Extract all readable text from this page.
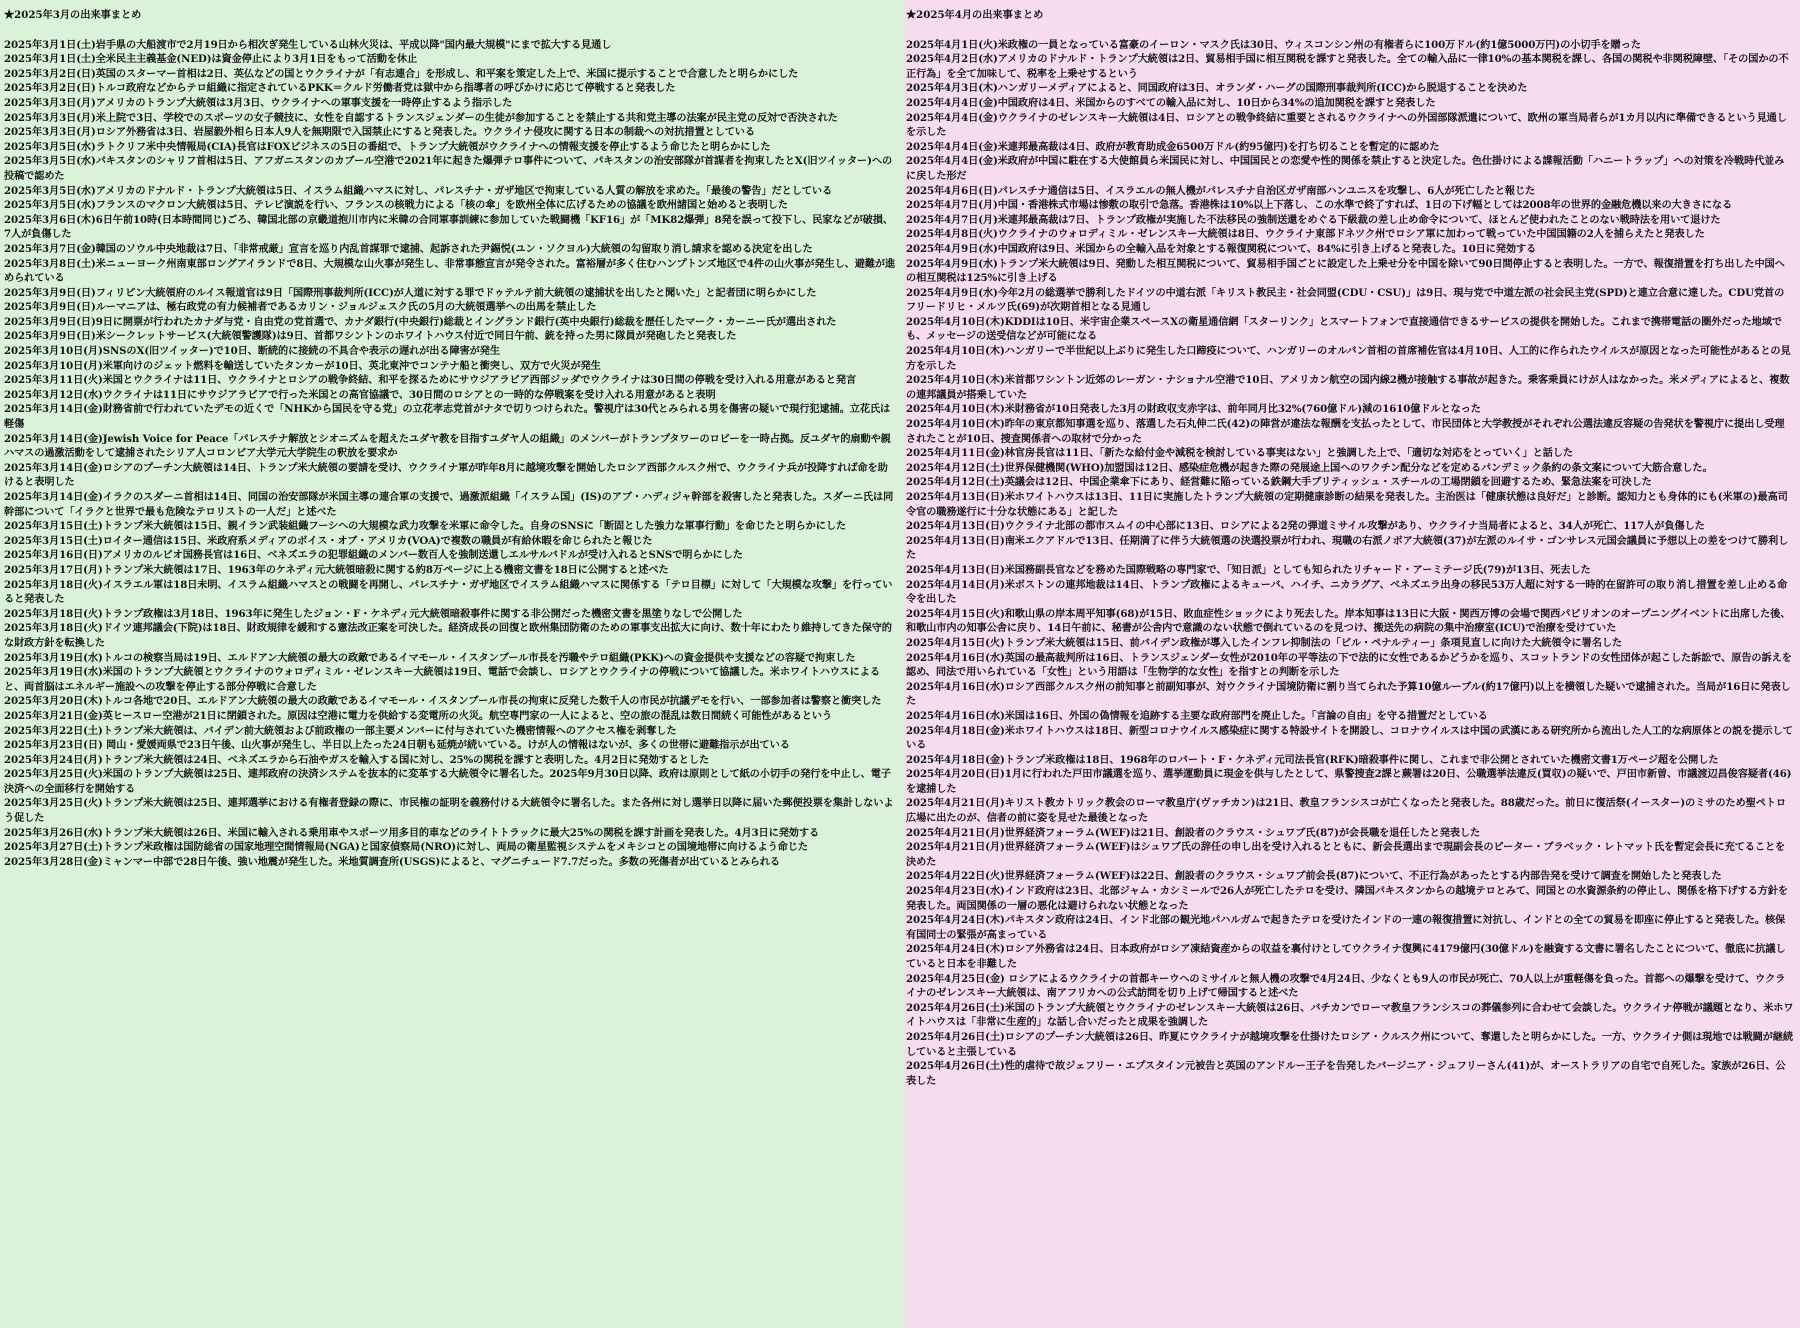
★2025年3月の出来事まとめ
2025年3月1日(土)岩手県の大船渡市で2月19日から相次ぎ発生している山林火災は、平成以降"国内最大規模"にまで拡大する見通し
2025年3月1日(土)全米民主主義基金(NED)は資金停止により3月1日をもって活動を休止
2025年3月2日(日)英国のスターマー首相は2日、英仏などの国とウクライナが「有志連合」を形成し、和平案を策定した上で、米国に提示することで合意したと明らかにした
2025年3月2日(日)トルコ政府などからテロ組織に指定されているPKK＝クルド労働者党は獄中から指導者の呼びかけに応じて停戦すると発表した
2025年3月3日(月)アメリカのトランプ大統領は3月3日、ウクライナへの軍事支援を一時停止するよう指示した
2025年3月3日(月)米上院で3日、学校でのスポーツの女子競技に、女性を自認するトランスジェンダーの生徒が参加することを禁止する共和党主導の法案が民主党の反対で否決された
2025年3月3日(月)ロシア外務省は3日、岩屋毅外相ら日本人9人を無期限で入国禁止にすると発表した。ウクライナ侵攻に関する日本の制裁への対抗措置としている
2025年3月5日(水)ラトクリフ米中央情報局(CIA)長官はFOXビジネスの5日の番組で、トランプ大統領がウクライナへの情報支援を停止するよう命じたと明らかにした
2025年3月5日(水)パキスタンのシャリフ首相は5日、アフガニスタンのカブール空港で2021年に起きた爆弾テロ事件について、パキスタンの治安部隊が首謀者を拘束したとX(旧ツイッター)への投稿で認めた
2025年3月5日(水)アメリカのドナルド・トランプ大統領は5日、イスラム組織ハマスに対し、パレスチナ・ガザ地区で拘束している人質の解放を求めた。「最後の警告」だとしている
2025年3月5日(水)フランスのマクロン大統領は5日、テレビ演説を行い、フランスの核戦力による「核の傘」を欧州全体に広げるための協議を欧州諸国と始めると表明した
2025年3月6日(木)6日午前10時(日本時間同じ)ごろ、韓国北部の京畿道抱川市内に米韓の合同軍事訓練に参加していた戦闘機「KF16」が「MK82爆弾」8発を誤って投下し、民家などが破損、7人が負傷した
2025年3月7日(金)韓国のソウル中央地裁は7日、「非常戒厳」宣言を巡り内乱首謀罪で逮捕、起訴された尹錫悦(ユン・ソクヨル)大統領の勾留取り消し請求を認める決定を出した
2025年3月8日(土)米ニューヨーク州南東部ロングアイランドで8日、大規模な山火事が発生し、非常事態宣言が発令された。富裕層が多く住むハンプトンズ地区で4件の山火事が発生し、避難が進められている
2025年3月9日(日)フィリピン大統領府のルイス報道官は9日「国際刑事裁判所(ICC)が人道に対する罪でドゥテルテ前大統領の逮捕状を出したと聞いた」と記者団に明らかにした
2025年3月9日(日)ルーマニアは、極右政党の有力候補者であるカリン・ジョルジェスク氏の5月の大統領選挙への出馬を禁止した
2025年3月9日(日)9日に開票が行われたカナダ与党・自由党の党首選で、カナダ銀行(中央銀行)総裁とイングランド銀行(英中央銀行)総裁を歴任したマーク・カーニー氏が選出された
2025年3月9日(日)米シークレットサービス(大統領警護隊)は9日、首都ワシントンのホワイトハウス付近で同日午前、銃を持った男に隊員が発砲したと発表した
2025年3月10日(月)SNSのX(旧ツイッター)で10日、断続的に接続の不具合や表示の遅れが出る障害が発生
2025年3月10日(月)米軍向けのジェット燃料を輸送していたタンカーが10日、英北東沖でコンテナ船と衝突し、双方で火災が発生
2025年3月11日(火)米国とウクライナは11日、ウクライナとロシアの戦争終結、和平を探るためにサウジアラビア西部ジッダでウクライナは30日間の停戦を受け入れる用意があると発言
2025年3月12日(水)ウクライナは11日にサウジアラビアで行った米国との高官協議で、30日間のロシアとの一時的な停戦案を受け入れる用意があると表明
2025年3月14日(金)財務省前で行われていたデモの近くで「NHKから国民を守る党」の立花孝志党首がナタで切りつけられた。警視庁は30代とみられる男を傷害の疑いで現行犯逮捕。立花氏は軽傷
2025年3月14日(金)Jewish Voice for Peace「パレスチナ解放とシオニズムを超えたユダヤ教を目指すユダヤ人の組織」のメンバーがトランプタワーのロビーを一時占拠。反ユダヤ的扇動や親ハマスの過激活動をして逮捕されたシリア人コロンビア大学元大学院生の釈放を要求か
2025年3月14日(金)ロシアのプーチン大統領は14日、トランプ米大統領の要請を受け、ウクライナ軍が昨年8月に越境攻撃を開始したロシア西部クルスク州で、ウクライナ兵が投降すれば命を助けると表明した
2025年3月14日(金)イラクのスダーニ首相は14日、同国の治安部隊が米国主導の連合軍の支援で、過激派組織「イスラム国」(IS)のアブ・ハディジャ幹部を殺害したと発表した。スダーニ氏は同幹部について「イラクと世界で最も危険なテロリストの一人だ」と述べた
2025年3月15日(土)トランプ米大統領は15日、親イラン武装組織フーシへの大規模な武力攻撃を米軍に命令した。自身のSNSに「断固とした強力な軍事行動」を命じたと明らかにした
2025年3月15日(土)ロイター通信は15日、米政府系メディアのボイス・オブ・アメリカ(VOA)で複数の職員が有給休暇を命じられたと報じた
2025年3月16日(日)アメリカのルビオ国務長官は16日、ベネズエラの犯罪組織のメンバー数百人を強制送還しエルサルバドルが受け入れるとSNSで明らかにした
2025年3月17日(月)トランプ米大統領は17日、1963年のケネディ元大統領暗殺に関する約8万ページに上る機密文書を18日に公開すると述べた
2025年3月18日(火)イスラエル軍は18日未明、イスラム組織ハマスとの戦闘を再開し、パレスチナ・ガザ地区でイスラム組織ハマスに関係する「テロ目標」に対して「大規模な攻撃」を行っていると発表した
2025年3月18日(火)トランプ政権は3月18日、1963年に発生したジョン・F・ケネディ元大統領暗殺事件に関する非公開だった機密文書を黒塗りなしで公開した
2025年3月18日(火)ドイツ連邦議会(下院)は18日、財政規律を緩和する憲法改正案を可決した。経済成長の回復と欧州集団防衛のための軍事支出拡大に向け、数十年にわたり維持してきた保守的な財政方針を転換した
2025年3月19日(水)トルコの検察当局は19日、エルドアン大統領の最大の政敵であるイマモール・イスタンブール市長を汚職やテロ組織(PKK)への資金提供や支援などの容疑で拘束した
2025年3月19日(水)米国のトランプ大統領とウクライナのウォロディミル・ゼレンスキー大統領は19日、電話で会談し、ロシアとウクライナの停戦について協議した。米ホワイトハウスによると、両首脳はエネルギー施設への攻撃を停止する部分停戦に合意した
2025年3月20日(木)トルコ各地で20日、エルドアン大統領の最大の政敵であるイマモール・イスタンブール市長の拘束に反発した数千人の市民が抗議デモを行い、一部参加者は警察と衝突した
2025年3月21日(金)英ヒースロー空港が21日に閉鎖された。原因は空港に電力を供給する変電所の火災。航空専門家の一人によると、空の旅の混乱は数日間続く可能性があるという
2025年3月22日(土)トランプ米大統領は、バイデン前大統領および前政権の一部主要メンバーに付与されていた機密情報へのアクセス権を剥奪した
2025年3月23日(日) 岡山・愛媛両県で23日午後、山火事が発生し、半日以上たった24日朝も延焼が続いている。けが人の情報はないが、多くの世帯に避難指示が出ている
2025年3月24日(月)トランプ米大統領は24日、ベネズエラから石油やガスを輸入する国に対し、25%の関税を課すと表明した。4月2日に発効するとした
2025年3月25日(火)米国のトランプ大統領は25日、連邦政府の決済システムを抜本的に変革する大統領令に署名した。2025年9月30日以降、政府は原則として紙の小切手の発行を中止し、電子決済への全面移行を開始する
2025年3月25日(火)トランプ米大統領は25日、連邦選挙における有権者登録の際に、市民権の証明を義務付ける大統領令に署名した。また各州に対し選挙日以降に届いた郵便投票を集計しないよう促した
2025年3月26日(水)トランプ米大統領は26日、米国に輸入される乗用車やスポーツ用多目的車などのライトトラックに最大25%の関税を課す計画を発表した。4月3日に発効する
2025年3月27日(土)トランプ米政権は国防総省の国家地理空間情報局(NGA)と国家偵察局(NRO)に対し、両局の衛星監視システムをメキシコとの国境地帯に向けるよう命じた
2025年3月28日(金)ミャンマー中部で28日午後、強い地震が発生した。米地質調査所(USGS)によると、マグニチュード7.7だった。多数の死傷者が出ているとみられる
★2025年4月の出来事まとめ
2025年4月1日(火)米政権の一員となっている富豪のイーロン・マスク氏は30日、ウィスコンシン州の有権者らに100万ドル(約1億5000万円)の小切手を贈った
2025年4月2日(水)アメリカのドナルド・トランプ大統領は2日、貿易相手国に相互関税を課すと発表した。全ての輸入品に一律10%の基本関税を課し、各国の関税や非関税障壁、「その国かの不正行為」を全て加味して、税率を上乗せするという
2025年4月3日(木)ハンガリーメディアによると、同国政府は3日、オランダ・ハーグの国際刑事裁判所(ICC)から脱退することを決めた
2025年4月4日(金)中国政府は4日、米国からのすべての輸入品に対し、10日から34%の追加関税を課すと発表した
2025年4月4日(金)ウクライナのゼレンスキー大統領は4日、ロシアとの戦争終結に重要とされるウクライナへの外国部隊派遣について、欧州の軍当局者らが1カ月以内に準備できるという見通しを示した
2025年4月4日(金)米連邦最高裁は4日、政府が教育助成金6500万ドル(約95億円)を打ち切ることを暫定的に認めた
2025年4月4日(金)米政府が中国に駐在する大使館員ら米国民に対し、中国国民との恋愛や性的関係を禁止すると決定した。色仕掛けによる諜報活動「ハニートラップ」への対策を冷戦時代並みに戻した形だ
2025年4月6日(日)パレスチナ通信は5日、イスラエルの無人機がパレスチナ自治区ガザ南部ハンユニスを攻撃し、6人が死亡したと報じた
2025年4月7日(月)中国・香港株式市場は惨敷の取引で急落。香港株は10%以上下落し、この水準で終了すれば、1日の下げ幅としては2008年の世界的金融危機以来の大きさになる
2025年4月7日(月)米連邦最高裁は7日、トランプ政権が実施した不法移民の強制送還をめぐる下級裁の差し止め命令について、ほとんど使われたことのない戦時法を用いて退けた
2025年4月8日(火)ウクライナのウォロディミル・ゼレンスキー大統領は8日、ウクライナ東部ドネツク州でロシア軍に加わって戦っていた中国国籍の2人を捕らえたと発表した
2025年4月9日(水)中国政府は9日、米国からの全輸入品を対象とする報復関税について、84%に引き上げると発表した。10日に発効する
2025年4月9日(水)トランプ米大統領は9日、発動した相互関税について、貿易相手国ごとに設定した上乗せ分を中国を除いて90日間停止すると表明した。一方で、報復措置を打ち出した中国への相互関税は125%に引き上げる
2025年4月9日(水)今年2月の総選挙で勝利したドイツの中道右派「キリスト教民主・社会同盟(CDU・CSU)」は9日、現与党で中道左派の社会民主党(SPD)と連立合意に達した。CDU党首のフリードリヒ・メルツ氏(69)が次期首相となる見通し
2025年4月10日(木)KDDIは10日、米宇宙企業スペースXの衛星通信網「スターリンク」とスマートフォンで直接通信できるサービスの提供を開始した。これまで携帯電話の圏外だった地域でも、メッセージの送受信などが可能になる
2025年4月10日(木)ハンガリーで半世紀以上ぶりに発生した口蹄疫について、ハンガリーのオルバン首相の首席補佐官は4月10日、人工的に作られたウイルスが原因となった可能性があるとの見方を示した
2025年4月10日(木)米首都ワシントン近郊のレーガン・ナショナル空港で10日、アメリカン航空の国内線2機が接触する事故が起きた。乗客乗員にけが人はなかった。米メディアによると、複数の連邦議員が搭乗していた
2025年4月10日(木)米財務省が10日発表した3月の財政収支赤字は、前年同月比32%(760億ドル)減の1610億ドルとなった
2025年4月10日(木)昨年の東京都知事選を巡り、落選した石丸伸二氏(42)の陣営が違法な報酬を支払ったとして、市民団体と大学教授がそれぞれ公選法違反容疑の告発状を警視庁に提出し受理されたことが10日、捜査関係者への取材で分かった
2025年4月11日(金)林官房長官は11日、「新たな給付金や減税を検討している事実はない」と強調した上で、「適切な対応をとっていく」と話した
2025年4月12日(土)世界保健機関(WHO)加盟国は12日、感染症危機が起きた際の発展途上国へのワクチン配分などを定めるパンデミック条約の条文案について大筋合意した。
2025年4月12日(土)英議会は12日、中国企業傘下にあり、経営難に陥っている鉄鋼大手ブリティッシュ・スチールの工場閉鎖を回避するため、緊急法案を可決した
2025年4月13日(日)米ホワイトハウスは13日、11日に実施したトランプ大統領の定期健康診断の結果を発表した。主治医は「健康状態は良好だ」と診断。認知力とも身体的にも(米軍の)最高司令官の職務遂行に十分な状態にある」と記した
2025年4月13日(日)ウクライナ北部の都市スムイの中心部に13日、ロシアによる2発の弾道ミサイル攻撃があり、ウクライナ当局者によると、34人が死亡、117人が負傷した
2025年4月13日(日)南米エクアドルで13日、任期満了に伴う大統領選の決選投票が行われ、現職の右派ノボア大統領(37)が左派のルイサ・ゴンサレス元国会議員に予想以上の差をつけて勝利した
2025年4月13日(日)米国務副長官などを務めた国際戦略の専門家で、「知日派」としても知られたリチャード・アーミテージ氏(79)が13日、死去した
2025年4月14日(月)米ボストンの連邦地裁は14日、トランプ政権によるキューバ、ハイチ、ニカラグア、ベネズエラ出身の移民53万人超に対する一時的在留許可の取り消し措置を差し止める命令を出した
2025年4月15日(火)和歌山県の岸本周平知事(68)が15日、敗血症性ショックにより死去した。岸本知事は13日に大阪・関西万博の会場で関西パビリオンのオープニングイベントに出席した後、和歌山市内の知事公舎に戻り、14日午前に、秘書が公舎内で意識のない状態で倒れているのを見つけ、搬送先の病院の集中治療室(ICU)で治療を受けていた
2025年4月15日(火)トランプ米大統領は15日、前バイデン政権が導入したインフレ抑制法の「ビル・ペナルティー」条項見直しに向けた大統領令に署名した
2025年4月16日(水)英国の最高裁判所は16日、トランスジェンダー女性が2010年の平等法の下で法的に女性であるかどうかを巡り、スコットランドの女性団体が起こした訴訟で、原告の訴えを認め、同法で用いられている「女性」という用語は「生物学的な女性」を指すとの判断を示した
2025年4月16日(水)ロシア西部クルスク州の前知事と前副知事が、対ウクライナ国境防衛に割り当てられた予算10億ルーブル(約17億円)以上を横領した疑いで逮捕された。当局が16日に発表した
2025年4月16日(水)米国は16日、外国の偽情報を追跡する主要な政府部門を廃止した。「言論の自由」を守る措置だとしている
2025年4月18日(金)米ホワイトハウスは18日、新型コロナウイルス感染症に関する特設サイトを開設し、コロナウイルスは中国の武漢にある研究所から流出した人工的な病原体との説を提示している
2025年4月18日(金)トランプ米政権は18日、1968年のロバート・F・ケネディ元司法長官(RFK)暗殺事件に関し、これまで非公開とされていた機密文書1万ページ超を公開した
2025年4月20日(日)1月に行われた戸田市議選を巡り、選挙運動員に現金を供与したとして、県警捜査2課と蕨署は20日、公職選挙法違反(買収)の疑いで、戸田市新曽、市議渡辺昌俊容疑者(46)を逮捕した
2025年4月21日(月)キリスト教カトリック教会のローマ教皇庁(ヴァチカン)は21日、教皇フランシスコが亡くなったと発表した。88歳だった。前日に復活祭(イースター)のミサのため聖ペトロ広場に出たのが、信者の前に姿を見せた最後となった
2025年4月21日(月)世界経済フォーラム(WEF)は21日、創設者のクラウス・シュワブ氏(87)が会長職を退任したと発表した
2025年4月21日(月)世界経済フォーラム(WEF)はシュワブ氏の辞任の申し出を受け入れるとともに、新会長選出まで現副会長のピーター・ブラベック・レトマット氏を暫定会長に充てることを決めた
2025年4月22日(火)世界経済フォーラム(WEF)は22日、創設者のクラウス・シュワブ前会長(87)について、不正行為があったとする内部告発を受けて調査を開始したと発表した
2025年4月23日(水)インド政府は23日、北部ジャム・カシミールで26人が死亡したテロを受け、隣国パキスタンからの越境テロとみて、同国との水資源条約の停止し、関係を格下げする方針を発表した。両国関係の一層の悪化は避けられない状態となった
2025年4月24日(木)パキスタン政府は24日、インド北部の観光地パハルガムで起きたテロを受けたインドの一連の報復措置に対抗し、インドとの全ての貿易を即座に停止すると発表した。核保有国同士の緊張が高まっている
2025年4月24日(木)ロシア外務省は24日、日本政府がロシア凍結資産からの収益を裏付けとしてウクライナ復興に4179億円(30億ドル)を融資する文書に署名したことについて、徹底に抗議していると日本を非難した
2025年4月25日(金) ロシアによるウクライナの首都キーウへのミサイルと無人機の攻撃で4月24日、少なくとも9人の市民が死亡、70人以上が重軽傷を負った。首都への爆撃を受けて、ウクライナのゼレンスキー大統領は、南アフリカへの公式訪問を切り上げて帰国すると述べた
2025年4月26日(土)米国のトランプ大統領とウクライナのゼレンスキー大統領は26日、バチカンでローマ教皇フランシスコの葬儀参列に合わせて会談した。ウクライナ停戦が議題となり、米ホワイトハウスは「非常に生産的」な話し合いだったと成果を強調した
2025年4月26日(土)ロシアのプーチン大統領は26日、昨夏にウクライナが越境攻撃を仕掛けたロシア・クルスク州について、奪還したと明らかにした。一方、ウクライナ側は現地では戦闘が継続していると主張している
2025年4月26日(土)性的虐待で故ジェフリー・エプスタイン元被告と英国のアンドルー王子を告発したバージニア・ジュフリーさん(41)が、オーストラリアの自宅で自死した。家族が26日、公表した
